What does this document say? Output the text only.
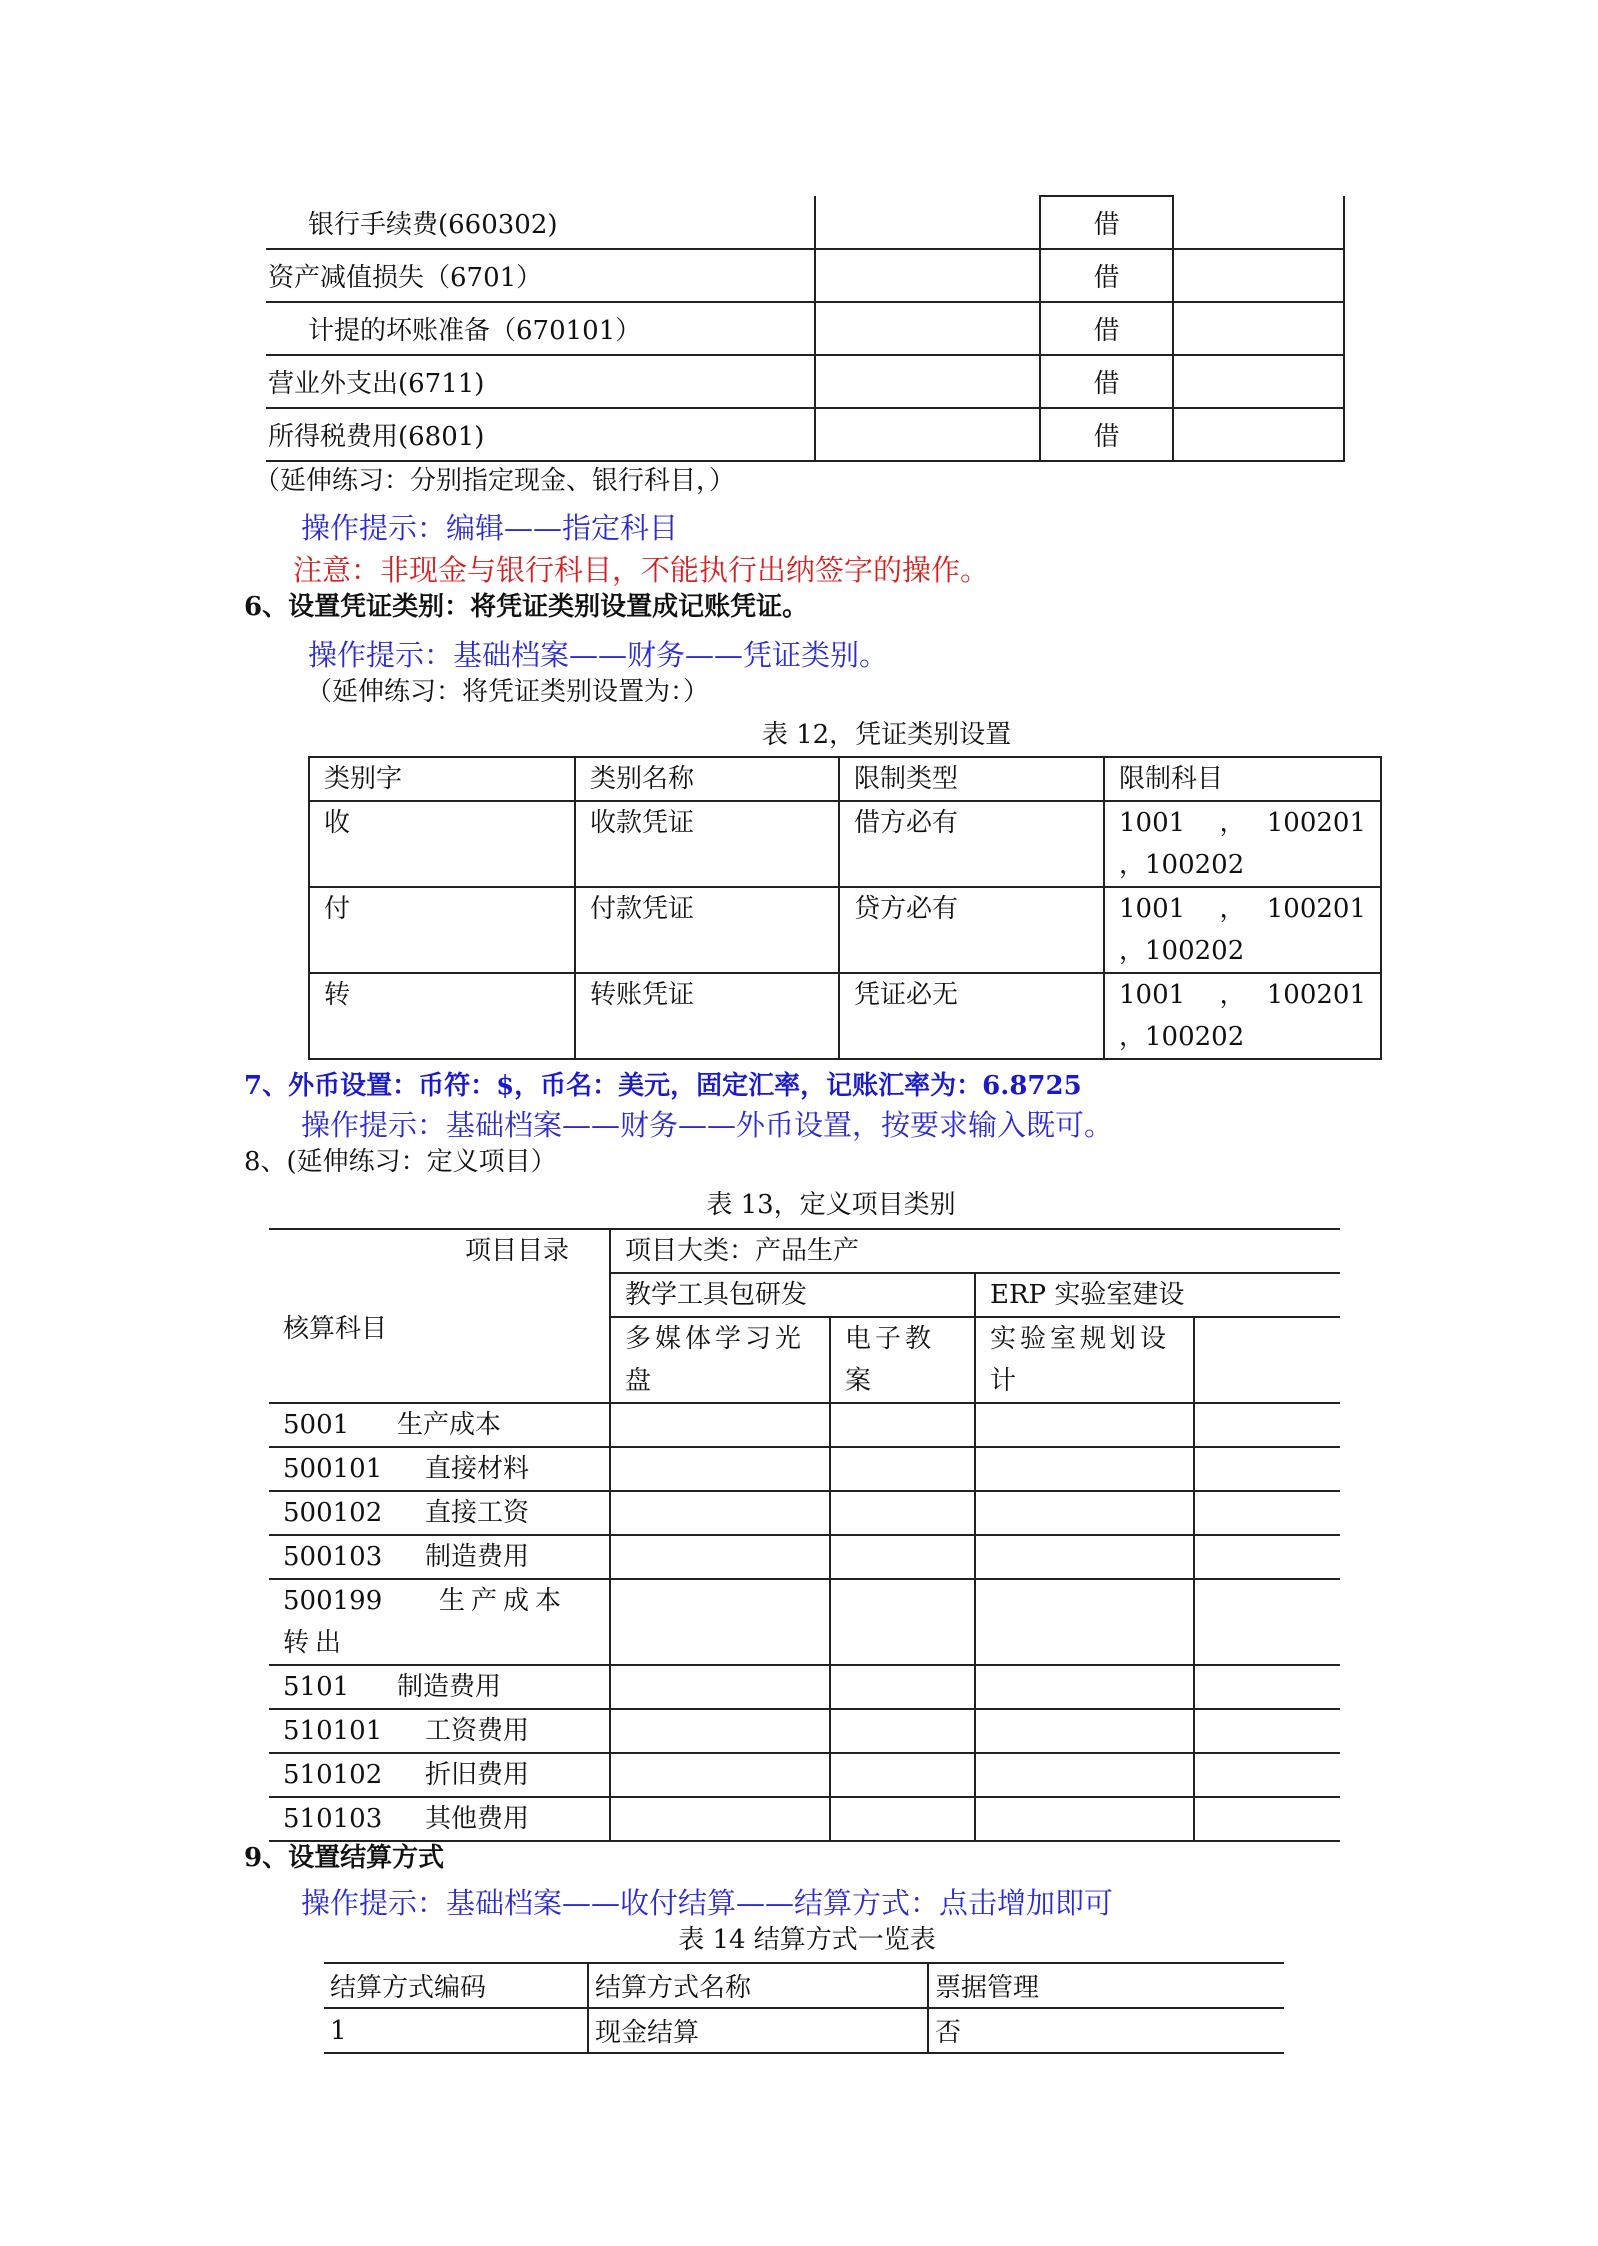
银行手续费(660302)		借	
资产减值损失（6701）		借	
计提的坏账准备（670101）		借	
营业外支出(6711)		借	
所得税费用(6801)		借	
（延伸练习：分别指定现金、银行科目，）
操作提示：编辑——指定科目
注意：非现金与银行科目，不能执行出纳签字的操作。
6、设置凭证类别：将凭证类别设置成记账凭证。
操作提示：基础档案——财务——凭证类别。
（延伸练习：将凭证类别设置为：）
表 12，凭证类别设置
类别字	类别名称	限制类型	限制科目
收	收款凭证	借方必有	1001　，　100201　，100202
付	付款凭证	贷方必有	1001　，　100201　，100202
转	转账凭证	凭证必无	1001　，　100201　，100202
7、外币设置：币符：$，币名：美元，固定汇率，记账汇率为：6.8725
操作提示：基础档案——财务——外币设置，按要求输入既可。
8、(延伸练习：定义项目）
表 13，定义项目类别
项目目录
核算科目	项目大类：产品生产			
	教学工具包研发		ERP 实验室建设	
	多媒体学习光盘	电子教案	实验室规划设计	
5001 生产成本				
500101 直接材料				
500102 直接工资				
500103 制造费用				
500199 生产成本转出				
5101 制造费用				
510101 工资费用				
510102 折旧费用				
510103 其他费用				
9、设置结算方式
操作提示：基础档案——收付结算——结算方式：点击增加即可
表 14 结算方式一览表
结算方式编码	结算方式名称	票据管理
1	现金结算	否
